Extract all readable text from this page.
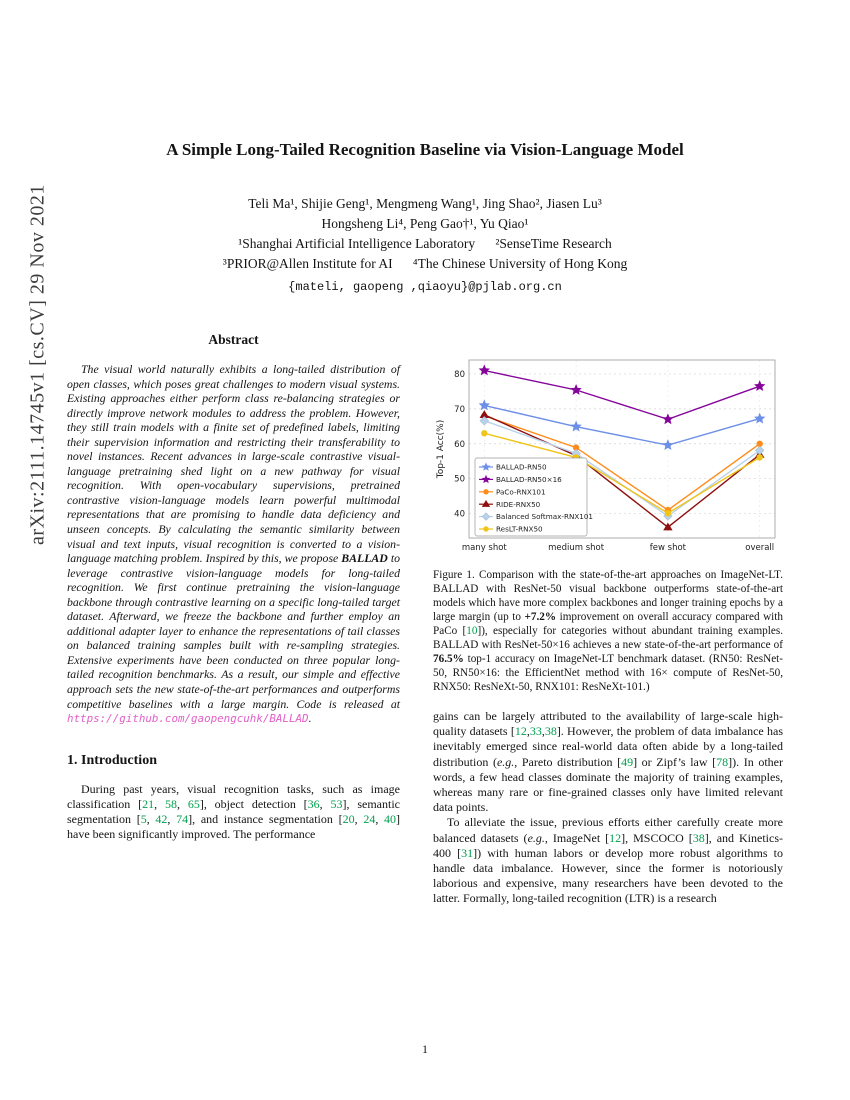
arXiv:2111.14745v1 [cs.CV] 29 Nov 2021
A Simple Long-Tailed Recognition Baseline via Vision-Language Model
Teli Ma¹, Shijie Geng¹, Mengmeng Wang¹, Jing Shao², Jiasen Lu³
Hongsheng Li⁴, Peng Gao†¹, Yu Qiao¹
¹Shanghai Artificial Intelligence Laboratory   ²SenseTime Research
³PRIOR@Allen Institute for AI   ⁴The Chinese University of Hong Kong
{mateli, gaopeng ,qiaoyu}@pjlab.org.cn
Abstract

The visual world naturally exhibits a long-tailed distribution of open classes, which poses great challenges to modern visual systems. Existing approaches either perform class re-balancing strategies or directly improve network modules to address the problem. However, they still train models with a finite set of predefined labels, limiting their supervision information and restricting their transferability to novel instances. Recent advances in large-scale contrastive visual-language pretraining shed light on a new pathway for visual recognition. With open-vocabulary supervisions, pretrained contrastive vision-language models learn powerful multimodal representations that are promising to handle data deficiency and unseen concepts. By calculating the semantic similarity between visual and text inputs, visual recognition is converted to a vision-language matching problem. Inspired by this, we propose BALLAD to leverage contrastive vision-language models for long-tailed recognition. We first continue pretraining the vision-language backbone through contrastive learning on a specific long-tailed target dataset. Afterward, we freeze the backbone and further employ an additional adapter layer to enhance the representations of tail classes on balanced training samples built with re-sampling strategies. Extensive experiments have been conducted on three popular long-tailed recognition benchmarks. As a result, our simple and effective approach sets the new state-of-the-art performances and outperforms competitive baselines with a large margin. Code is released at https://github.com/gaopengcuhk/BALLAD.

1. Introduction

During past years, visual recognition tasks, such as image classification [21, 58, 65], object detection [36, 53], semantic segmentation [5, 42, 74], and instance segmentation [20, 24, 40] have been significantly improved. The performance

40
50
60
70
80
many shot	medium shot	few shot	overall
Top-1 Acc(%)	BALLAD-RN50
BALLAD-RN50×16
PaCo-RNX101
RIDE-RNX50
Balanced Softmax-RNX101
ResLT-RNX50
Figure 1. Comparison with the state-of-the-art approaches on ImageNet-LT. BALLAD with ResNet-50 visual backbone outperforms state-of-the-art models which have more complex backbones and longer training epochs by a large margin (up to +7.2% improvement on overall accuracy compared with PaCo [10]), especially for categories without abundant training examples. BALLAD with ResNet-50×16 achieves a new state-of-the-art performance of 76.5% top-1 accuracy on ImageNet-LT benchmark dataset. (RN50: ResNet-50, RN50×16: the EfficientNet method with 16× compute of ResNet-50, RNX50: ResNeXt-50, RNX101: ResNeXt-101.)

gains can be largely attributed to the availability of large-scale high-quality datasets [12,33,38]. However, the problem of data imbalance has inevitably emerged since real-world data often abide by a long-tailed distribution (e.g., Pareto distribution [49] or Zipf’s law [78]). In other words, a few head classes dominate the majority of training examples, whereas many rare or fine-grained classes only have limited relevant data points.

To alleviate the issue, previous efforts either carefully create more balanced datasets (e.g., ImageNet [12], MSCOCO [38], and Kinetics-400 [31]) with human labors or develop more robust algorithms to handle data imbalance. However, since the former is notoriously laborious and expensive, many researchers have been devoted to the latter. Formally, long-tailed recognition (LTR) is a research

1
